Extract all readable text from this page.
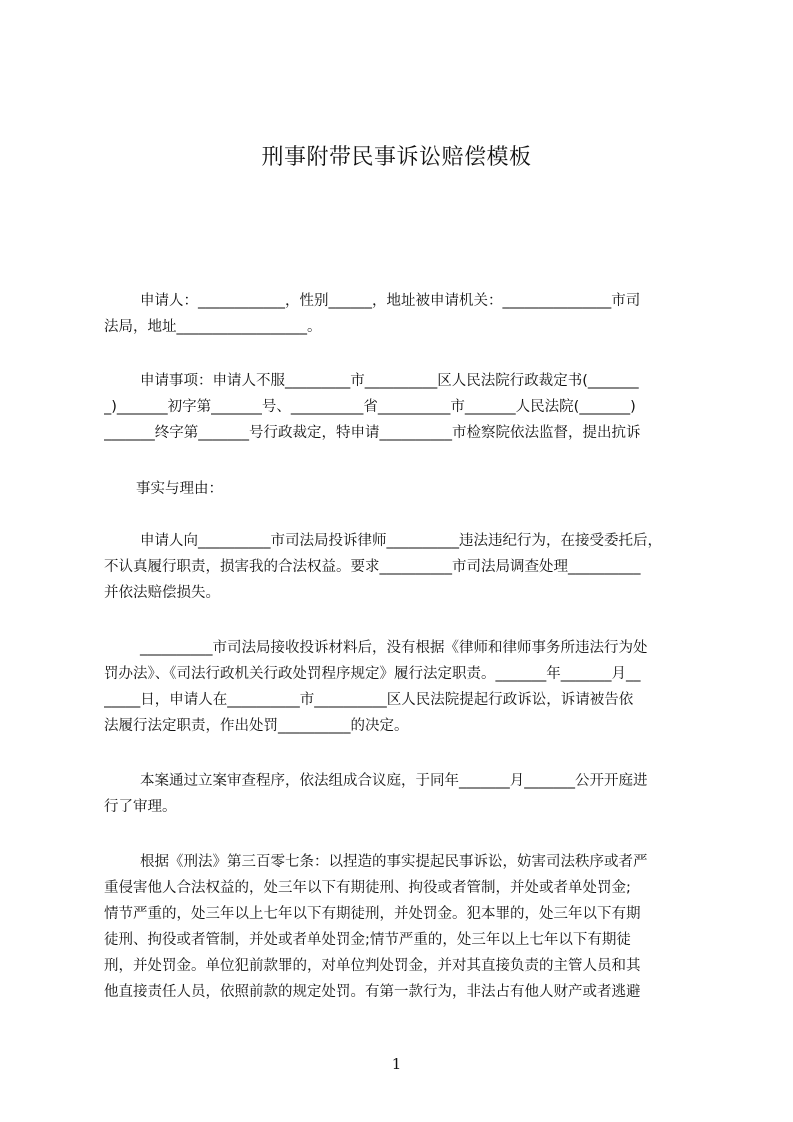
刑事附带民事诉讼赔偿模板
申请人：____________，性别______，地址被申请机关：_______________市司
法局，地址__________________。
申请事项：申请人不服_________市__________区人民法院行政裁定书(_______
_)_______初字第_______号、__________省__________市_______人民法院(_______)
_______终字第_______号行政裁定，特申请__________市检察院依法监督，提出抗诉
事实与理由：
申请人向__________市司法局投诉律师__________违法违纪行为，在接受委托后，
不认真履行职责，损害我的合法权益。要求__________市司法局调查处理__________
并依法赔偿损失。
__________市司法局接收投诉材料后，没有根据《律师和律师事务所违法行为处
罚办法》、《司法行政机关行政处罚程序规定》履行法定职责。_______年_______月__
_____日，申请人在__________市__________区人民法院提起行政诉讼，诉请被告依
法履行法定职责，作出处罚__________的决定。
本案通过立案审查程序，依法组成合议庭，于同年_______月_______公开开庭进
行了审理。
根据《刑法》第三百零七条：以捏造的事实提起民事诉讼，妨害司法秩序或者严
重侵害他人合法权益的，处三年以下有期徒刑、拘役或者管制，并处或者单处罚金;
情节严重的，处三年以上七年以下有期徒刑，并处罚金。犯本罪的，处三年以下有期
徒刑、拘役或者管制，并处或者单处罚金;情节严重的，处三年以上七年以下有期徒
刑，并处罚金。单位犯前款罪的，对单位判处罚金，并对其直接负责的主管人员和其
他直接责任人员，依照前款的规定处罚。有第一款行为，非法占有他人财产或者逃避
1
